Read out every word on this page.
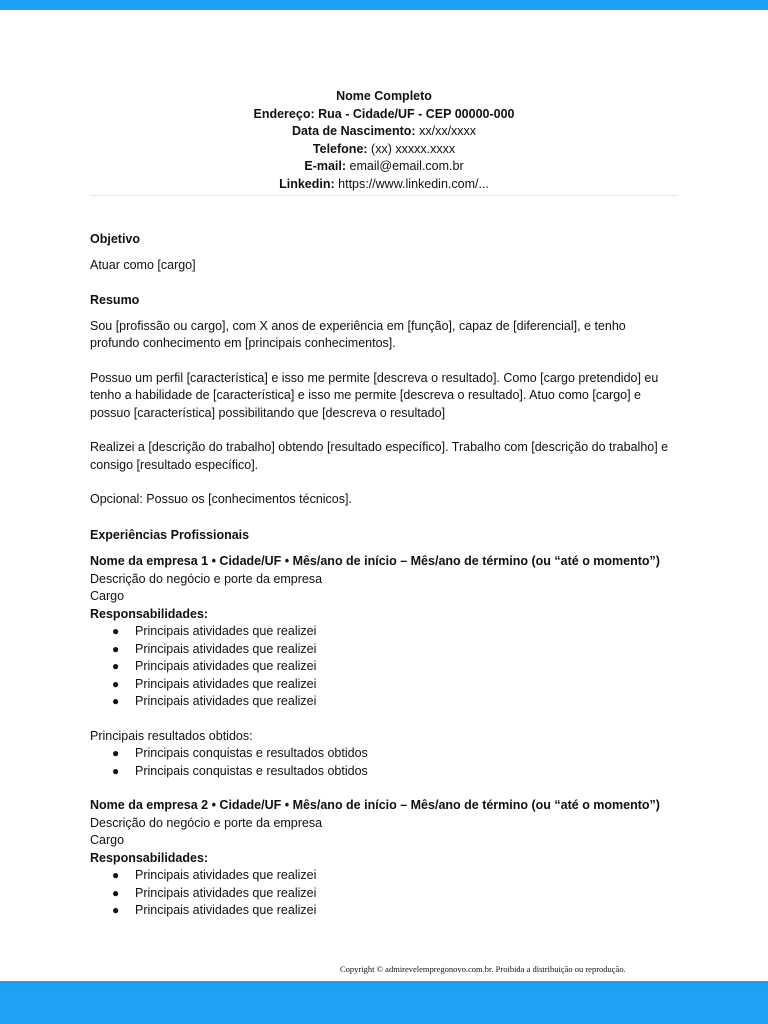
Nome Completo
Endereço: Rua - Cidade/UF - CEP 00000-000
Data de Nascimento: xx/xx/xxxx
Telefone: (xx) xxxxx.xxxx
E-mail: email@email.com.br
Linkedin: https://www.linkedin.com/...
Objetivo
Atuar como [cargo]
Resumo
Sou [profissão ou cargo], com X anos de experiência em [função], capaz de [diferencial], e tenho profundo conhecimento em [principais conhecimentos].
Possuo um perfil [característica] e isso me permite [descreva o resultado]. Como [cargo pretendido] eu tenho a habilidade de [característica] e isso me permite [descreva o resultado]. Atuo como [cargo] e possuo [característica] possibilitando que [descreva o resultado]
Realizei a [descrição do trabalho] obtendo [resultado específico]. Trabalho com [descrição do trabalho] e consigo [resultado específico].
Opcional: Possuo os [conhecimentos técnicos].
Experiências Profissionais
Nome da empresa 1 • Cidade/UF • Mês/ano de início – Mês/ano de término (ou “até o momento”)
Descrição do negócio e porte da empresa
Cargo
Responsabilidades:
● Principais atividades que realizei
● Principais atividades que realizei
● Principais atividades que realizei
● Principais atividades que realizei
● Principais atividades que realizei
Principais resultados obtidos:
● Principais conquistas e resultados obtidos
● Principais conquistas e resultados obtidos
Nome da empresa 2 • Cidade/UF • Mês/ano de início – Mês/ano de término (ou “até o momento”)
Descrição do negócio e porte da empresa
Cargo
Responsabilidades:
● Principais atividades que realizei
● Principais atividades que realizei
● Principais atividades que realizei
Copyright © admirevelempregonovo.com.br. Proibida a distribuição ou reprodução.
